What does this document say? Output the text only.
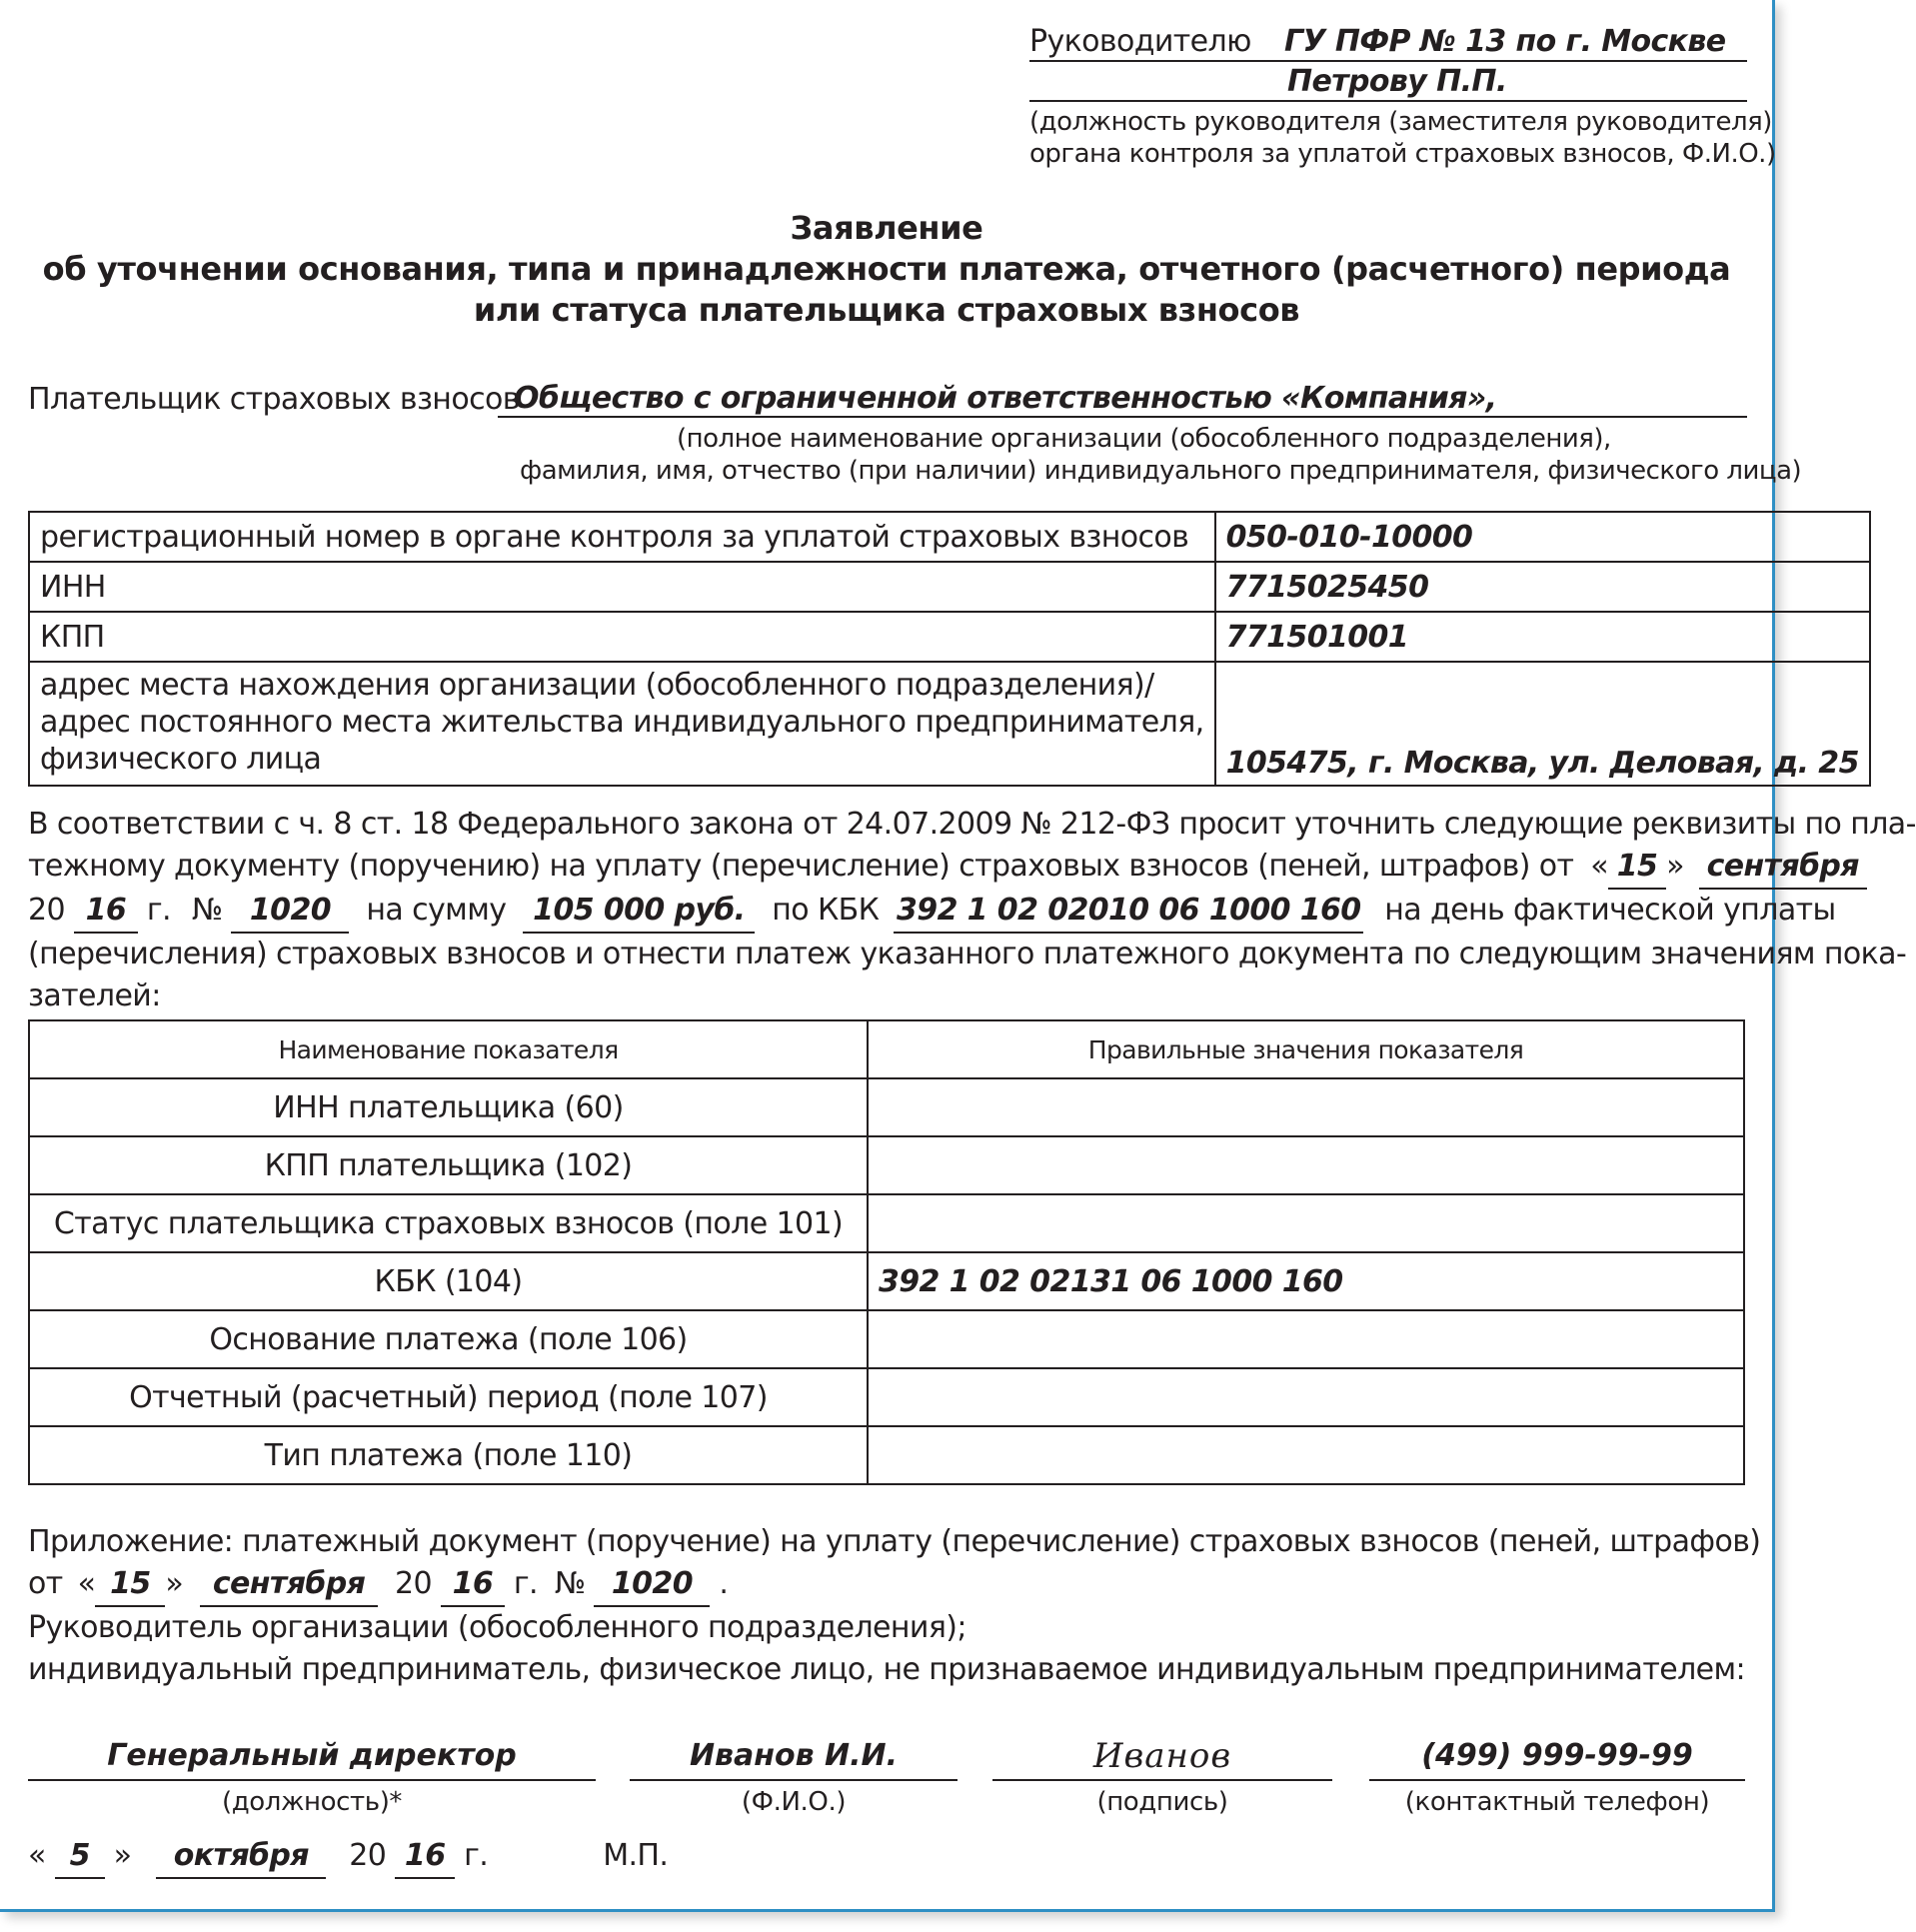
Руководителю ГУ ПФР № 13 по г. Москве
Петрову П.П.
(должность руководителя (заместителя руководителя)
органа контроля за уплатой страховых взносов, Ф.И.О.)
Заявление
об уточнении основания, типа и принадлежности платежа, отчетного (расчетного) периода
или статуса плательщика страховых взносов
Плательщик страховых взносов
Общество с ограниченной ответственностью «Компания»,
(полное наименование организации (обособленного подразделения),
фамилия, имя, отчество (при наличии) индивидуального предпринимателя, физического лица)
регистрационный номер в органе контроля за уплатой страховых взносов	050-010-10000
ИНН	7715025450
КПП	771501001

адрес места нахождения организации (обособленного подразделения)/
адрес постоянного места жительства индивидуального предпринимателя,
физического лица	105475, г. Москва, ул. Деловая, д. 25
В соответствии с ч. 8 ст. 18 Федерального закона от 24.07.2009 № 212-ФЗ просит уточнить следующие реквизиты по пла-
тежному документу (поручению) на уплату (перечисление) страховых взносов (пеней, штрафов) от « 15 » сентября
20 16 г. № 1020 на сумму 105 000 руб. по КБК 392 1 02 02010 06 1000 160 на день фактической уплаты
(перечисления) страховых взносов и отнести платеж указанного платежного документа по следующим значениям пока-
зателей:
Наименование показателя	Правильные значения показателя
ИНН плательщика (60)	
КПП плательщика (102)	
Статус плательщика страховых взносов (поле 101)	
КБК (104)	392 1 02 02131 06 1000 160
Основание платежа (поле 106)	
Отчетный (расчетный) период (поле 107)	
Тип платежа (поле 110)	
Приложение: платежный документ (поручение) на уплату (перечисление) страховых взносов (пеней, штрафов)
от « 15 » сентября 20 16 г. № 1020 .
Руководитель организации (обособленного подразделения);
индивидуальный предприниматель, физическое лицо, не признаваемое индивидуальным предпринимателем:
Генеральный директор
(должность)*
Иванов И.И.
(Ф.И.О.)
Иванов
(подпись)
(499) 999-99-99
(контактный телефон)
« 5 » октября 20 16 г.	М.П.
